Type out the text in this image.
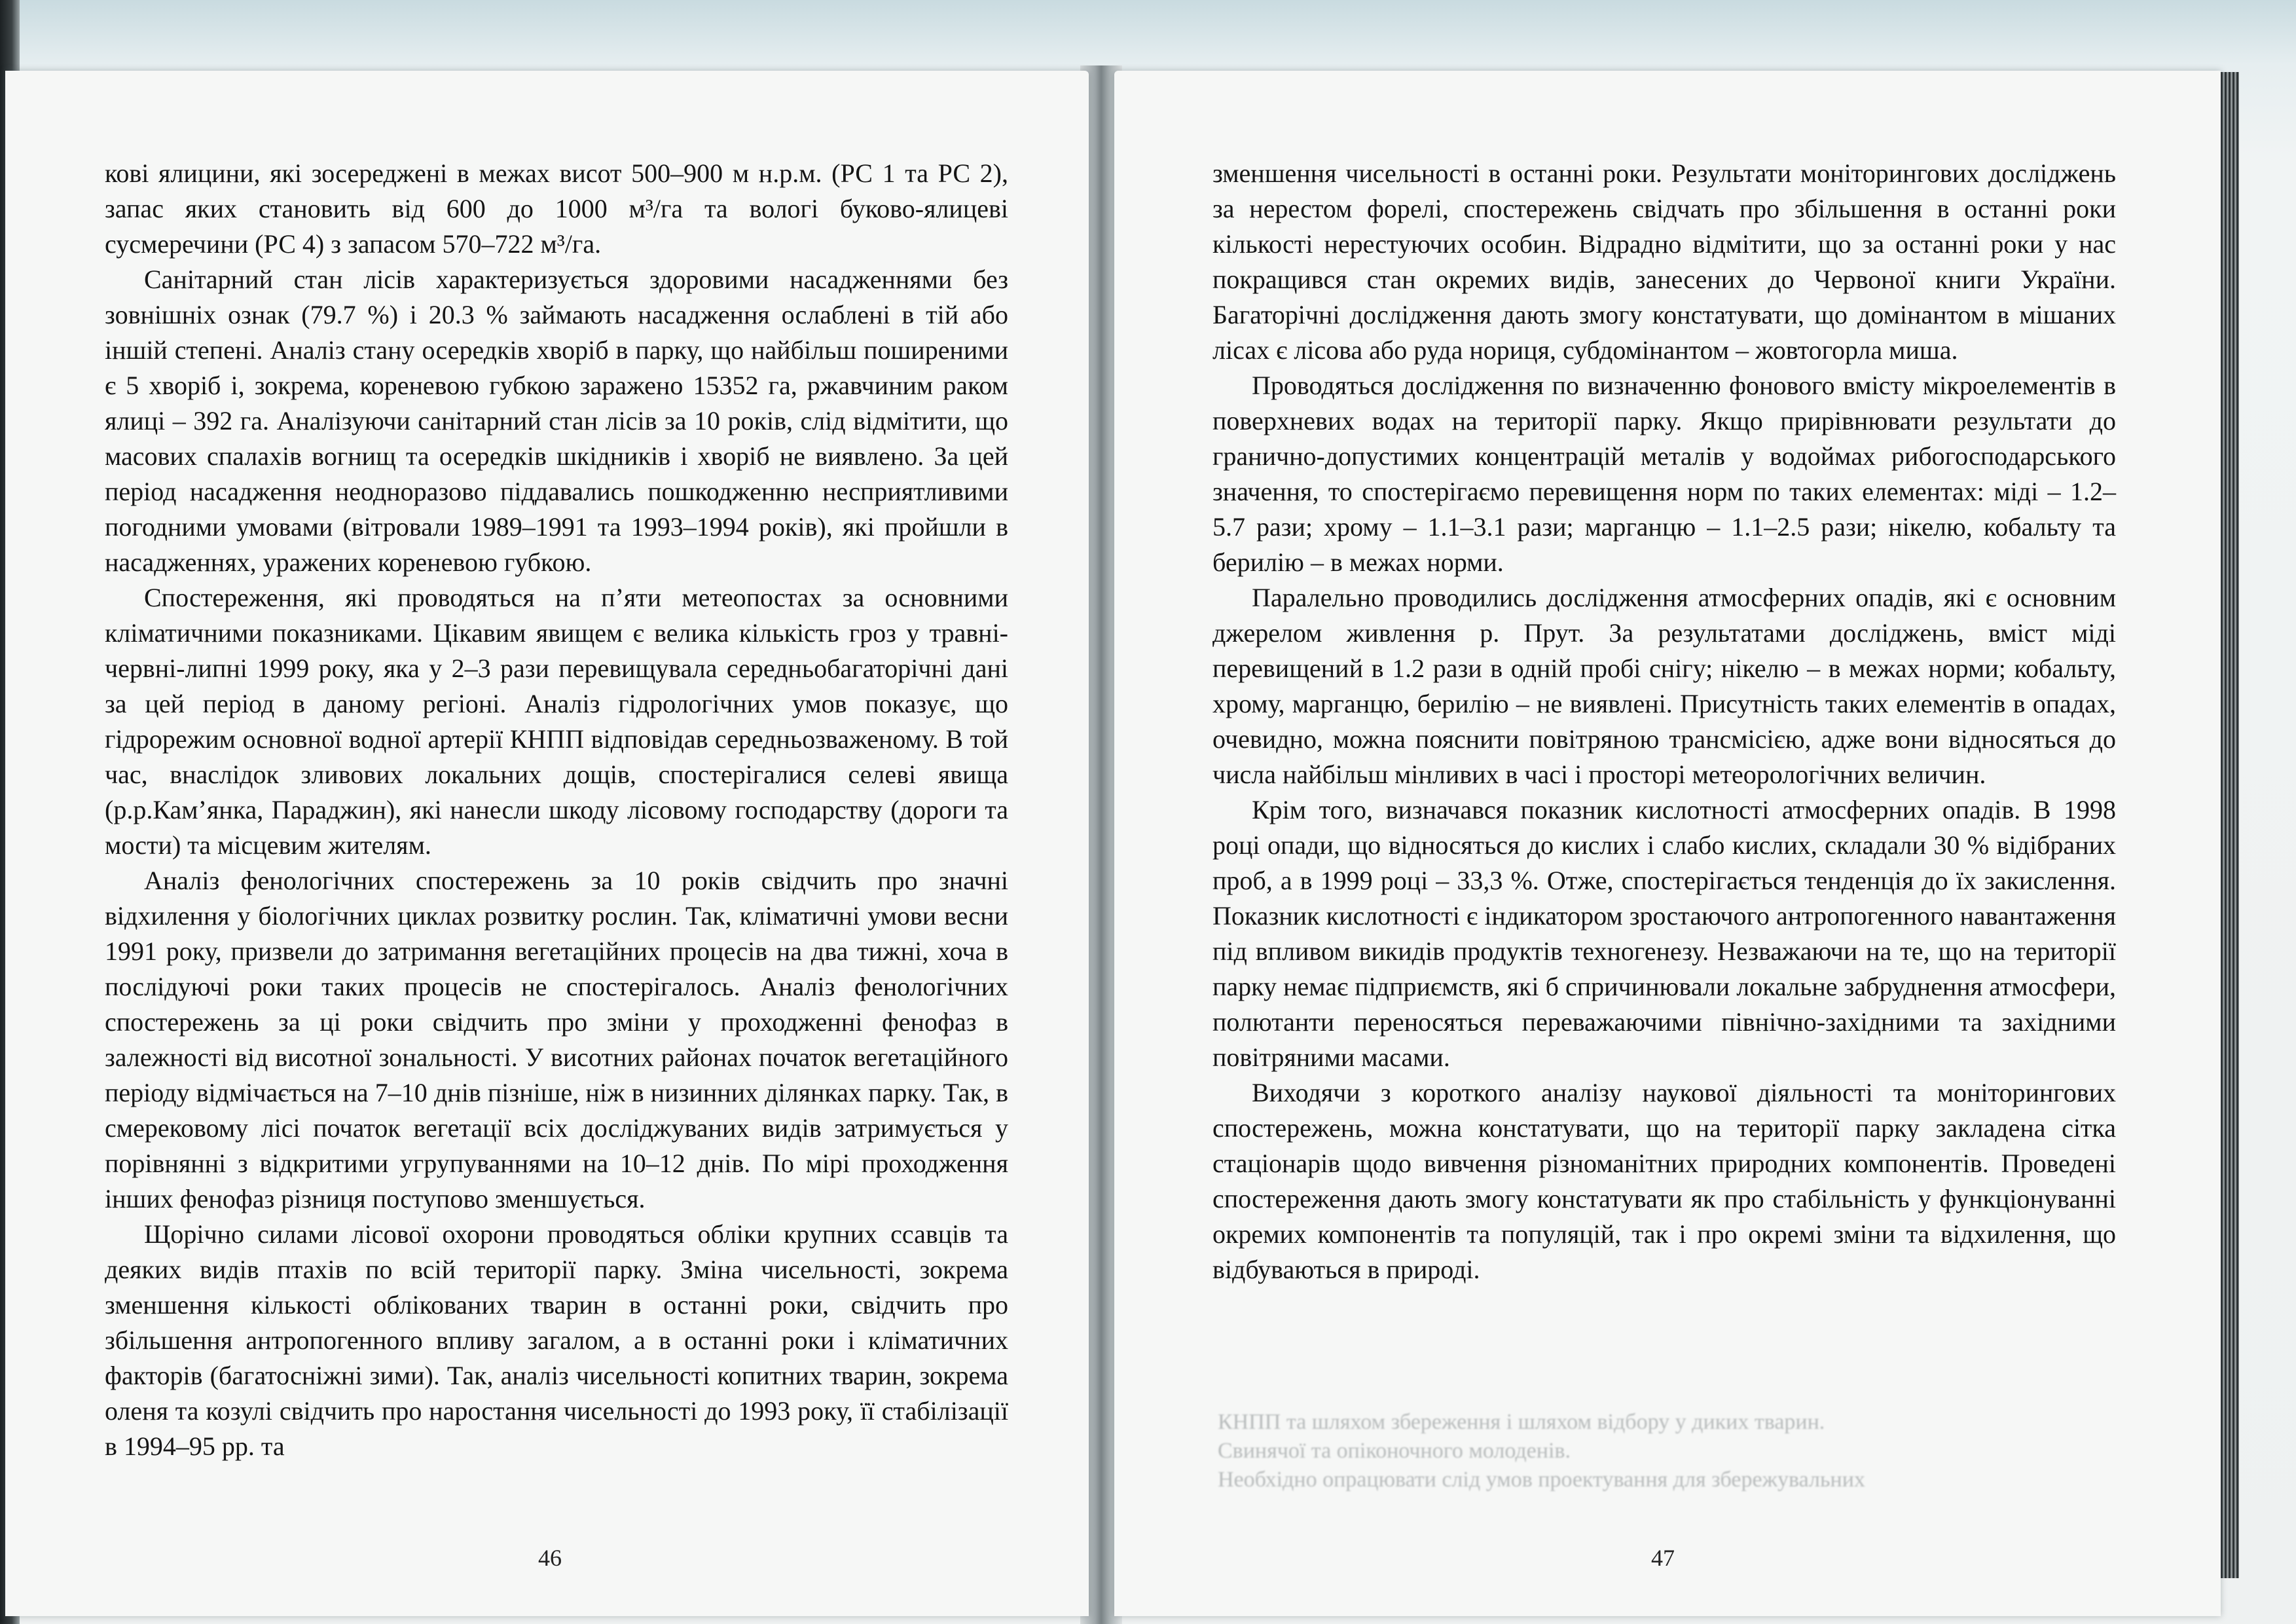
кові ялицини, які зосереджені в межах висот 500–900 м н.р.м. (РС 1 та РС 2), запас яких становить від 600 до 1000 м³/га та вологі буково-ялицеві сусмеречини (РС 4) з запасом 570–722 м³/га.

Санітарний стан лісів характеризується здоровими насадженнями без зовнішніх ознак (79.7 %) і 20.3 % займають насадження ослаблені в тій або іншій степені. Аналіз стану осередків хворіб в парку, що найбільш поширеними є 5 хворіб і, зокрема, кореневою губкою заражено 15352 га, ржавчиним раком ялиці – 392 га. Аналізуючи санітарний стан лісів за 10 років, слід відмітити, що масових спалахів вогнищ та осередків шкідників і хворіб не виявлено. За цей період насадження неодноразово піддавались пошкодженню несприятливими погодними умовами (вітровали 1989–1991 та 1993–1994 років), які пройшли в насадженнях, уражених кореневою губкою.

Спостереження, які проводяться на п’яти метеопостах за основними кліматичними показниками. Цікавим явищем є велика кількість гроз у травні-червні-липні 1999 року, яка у 2–3 рази перевищувала середньобагаторічні дані за цей період в даному регіоні. Аналіз гідрологічних умов показує, що гідрорежим основної водної артерії КНПП відповідав середньозваженому. В той час, внаслідок зливових локальних дощів, спостерігалися селеві явища (р.р.Кам’янка, Параджин), які нанесли шкоду лісовому господарству (дороги та мости) та місцевим жителям.

Аналіз фенологічних спостережень за 10 років свідчить про значні відхилення у біологічних циклах розвитку рослин. Так, кліматичні умови весни 1991 року, призвели до затримання вегетаційних процесів на два тижні, хоча в послідуючі роки таких процесів не спостерігалось. Аналіз фенологічних спостережень за ці роки свідчить про зміни у проходженні фенофаз в залежності від висотної зональності. У висотних районах початок вегетаційного періоду відмічається на 7–10 днів пізніше, ніж в низинних ділянках парку. Так, в смерековому лісі початок вегетації всіх досліджуваних видів затримується у порівнянні з відкритими угрупуваннями на 10–12 днів. По мірі проходження інших фенофаз різниця поступово зменшується.

Щорічно силами лісової охорони проводяться обліки крупних ссавців та деяких видів птахів по всій території парку. Зміна чисельності, зокрема зменшення кількості облікованих тварин в останні роки, свідчить про збільшення антропогенного впливу загалом, а в останні роки і кліматичних факторів (багатосніжні зими). Так, аналіз чисельності копитних тварин, зокрема оленя та козулі свідчить про наростання чисельності до 1993 року, її стабілізації в 1994–95 рр. та

46

зменшення чисельності в останні роки. Результати моніторингових досліджень за нерестом форелі, спостережень свідчать про збільшення в останні роки кількості нерестуючих особин. Відрадно відмітити, що за останні роки у нас покращився стан окремих видів, занесених до Червоної книги України. Багаторічні дослідження дають змогу констатувати, що домінантом в мішаних лісах є лісова або руда нориця, субдомінантом – жовтогорла миша.

Проводяться дослідження по визначенню фонового вмісту мікроелементів в поверхневих водах на території парку. Якщо прирівнювати результати до гранично-допустимих концентрацій металів у водоймах рибогосподарського значення, то спостерігаємо перевищення норм по таких елементах: міді – 1.2–5.7 рази; хрому – 1.1–3.1 рази; марганцю – 1.1–2.5 рази; нікелю, кобальту та берилію – в межах норми.

Паралельно проводились дослідження атмосферних опадів, які є основним джерелом живлення р. Прут. За результатами досліджень, вміст міді перевищений в 1.2 рази в одній пробі снігу; нікелю – в межах норми; кобальту, хрому, марганцю, берилію – не виявлені. Присутність таких елементів в опадах, очевидно, можна пояснити повітряною трансмісією, адже вони відносяться до числа найбільш мінливих в часі і просторі метеорологічних величин.

Крім того, визначався показник кислотності атмосферних опадів. В 1998 році опади, що відносяться до кислих і слабо кислих, складали 30 % відібраних проб, а в 1999 році – 33,3 %. Отже, спостерігається тенденція до їх закислення. Показник кислотності є індикатором зростаючого антропогенного навантаження під впливом викидів продуктів техногенезу. Незважаючи на те, що на території парку немає підприємств, які б спричинювали локальне забруднення атмосфери, полютанти переносяться переважаючими північно-західними та західними повітряними масами.

Виходячи з короткого аналізу наукової діяльності та моніторингових спостережень, можна констатувати, що на території парку закладена сітка стаціонарів щодо вивчення різноманітних природних компонентів. Проведені спостереження дають змогу констатувати як про стабільність у функціонуванні окремих компонентів та популяцій, так і про окремі зміни та відхилення, що відбуваються в природі.

КНПП та шляхом збереження і шляхом відбору у диких тварин.
Свинячої та опіконочного молоденів.
Необхідно опрацювати слід умов проектування для збережувальних
47
